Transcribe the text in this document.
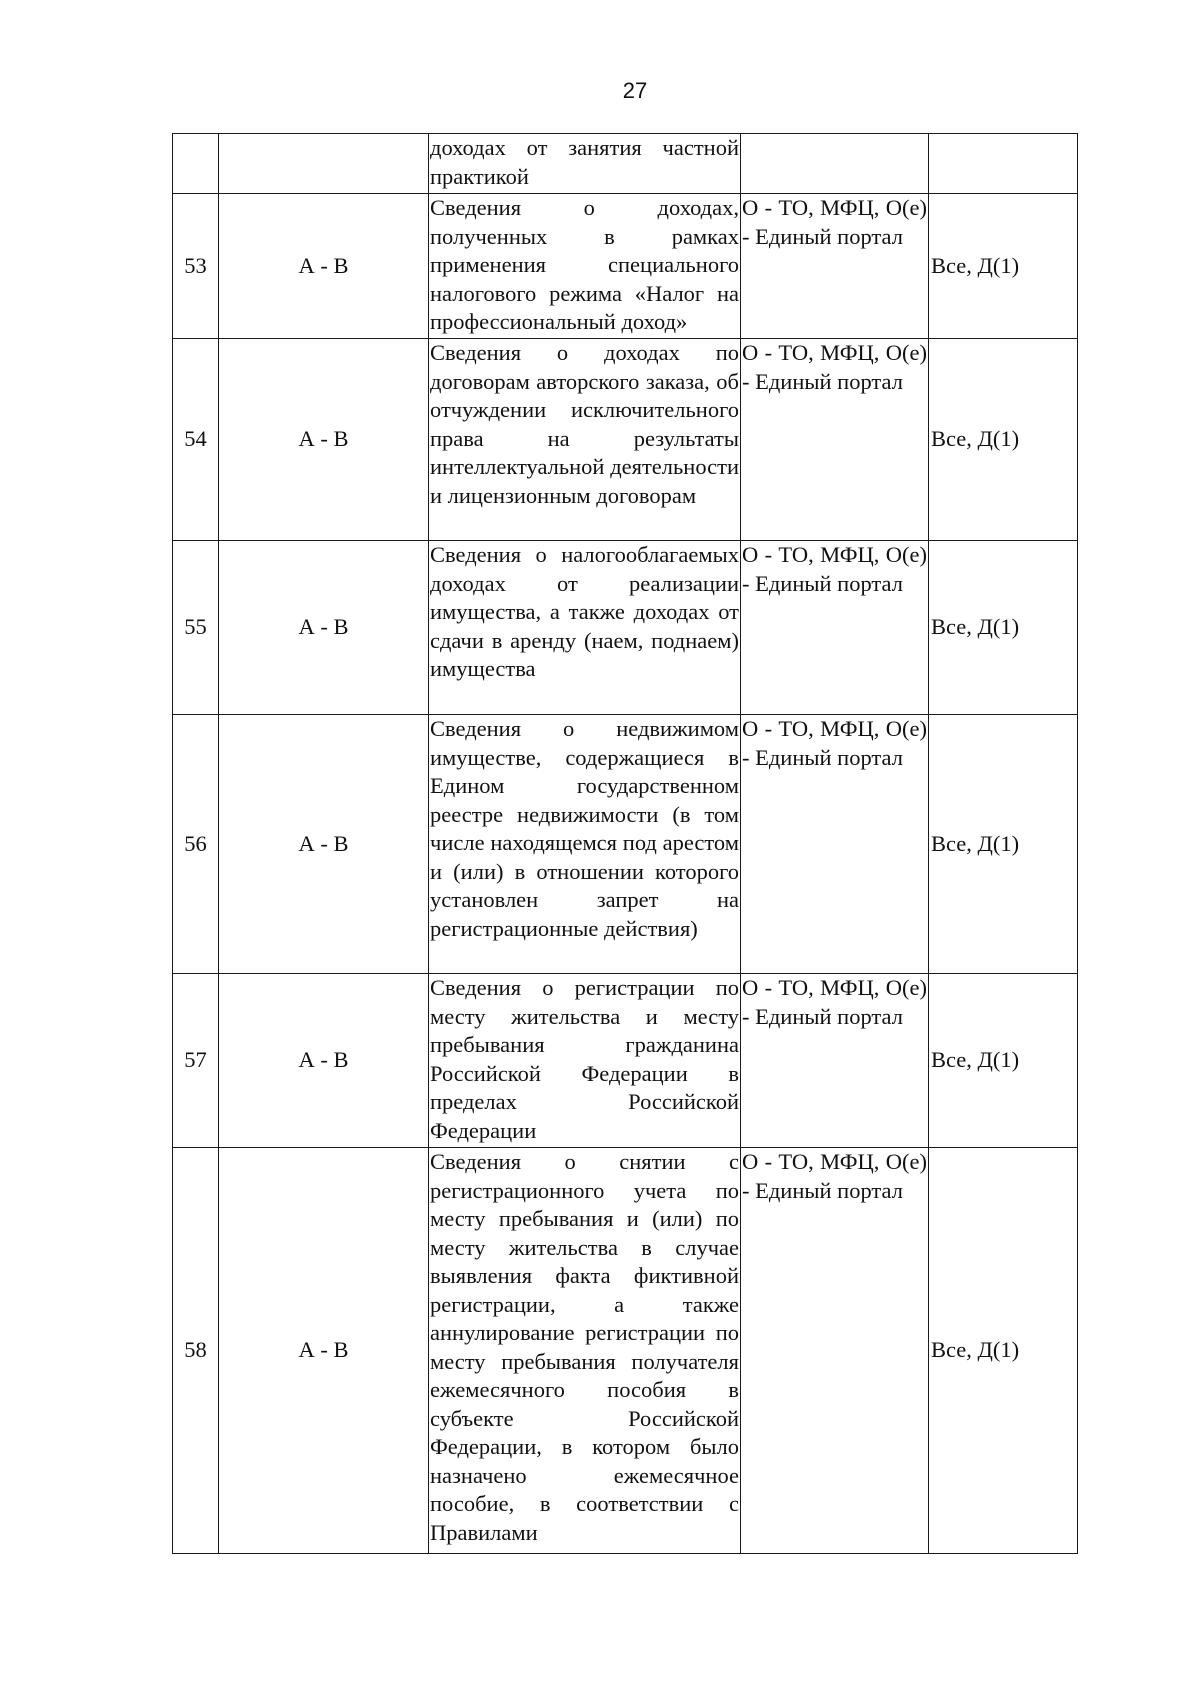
27

		доходах от занятия частной практикой		

53	А - В	Сведения о доходах, полученных в рамках применения специального налогового режима «Налог на профессиональный доход»	О - ТО, МФЦ, О(е) - Единый портал	Все, Д(1)
54	А - В	Сведения о доходах по договорам авторского заказа, об отчуждении исключительного права на результаты интеллектуальной деятельности и лицензионным договорам	О - ТО, МФЦ, О(е) - Единый портал	Все, Д(1)
55	А - В	Сведения о налогооблагаемых доходах от реализации имущества, а также доходах от сдачи в аренду (наем, поднаем) имущества	О - ТО, МФЦ, О(е) - Единый портал	Все, Д(1)
56	А - В	Сведения о недвижимом имуществе, содержащиеся в Едином государственном реестре недвижимости (в том числе находящемся под арестом и (или) в отношении которого установлен запрет на регистрационные действия)	О - ТО, МФЦ, О(е) - Единый портал	Все, Д(1)
57	А - В	Сведения о регистрации по месту жительства и месту пребывания гражданина Российской Федерации в пределах Российской Федерации	О - ТО, МФЦ, О(е) - Единый портал	Все, Д(1)
58	А - В	Сведения о снятии с регистрационного учета по месту пребывания и (или) по месту жительства в случае выявления факта фиктивной регистрации, а также аннулирование регистрации по месту пребывания получателя ежемесячного пособия в субъекте Российской Федерации, в котором было назначено ежемесячное пособие, в соответствии с Правилами	О - ТО, МФЦ, О(е) - Единый портал	Все, Д(1)
